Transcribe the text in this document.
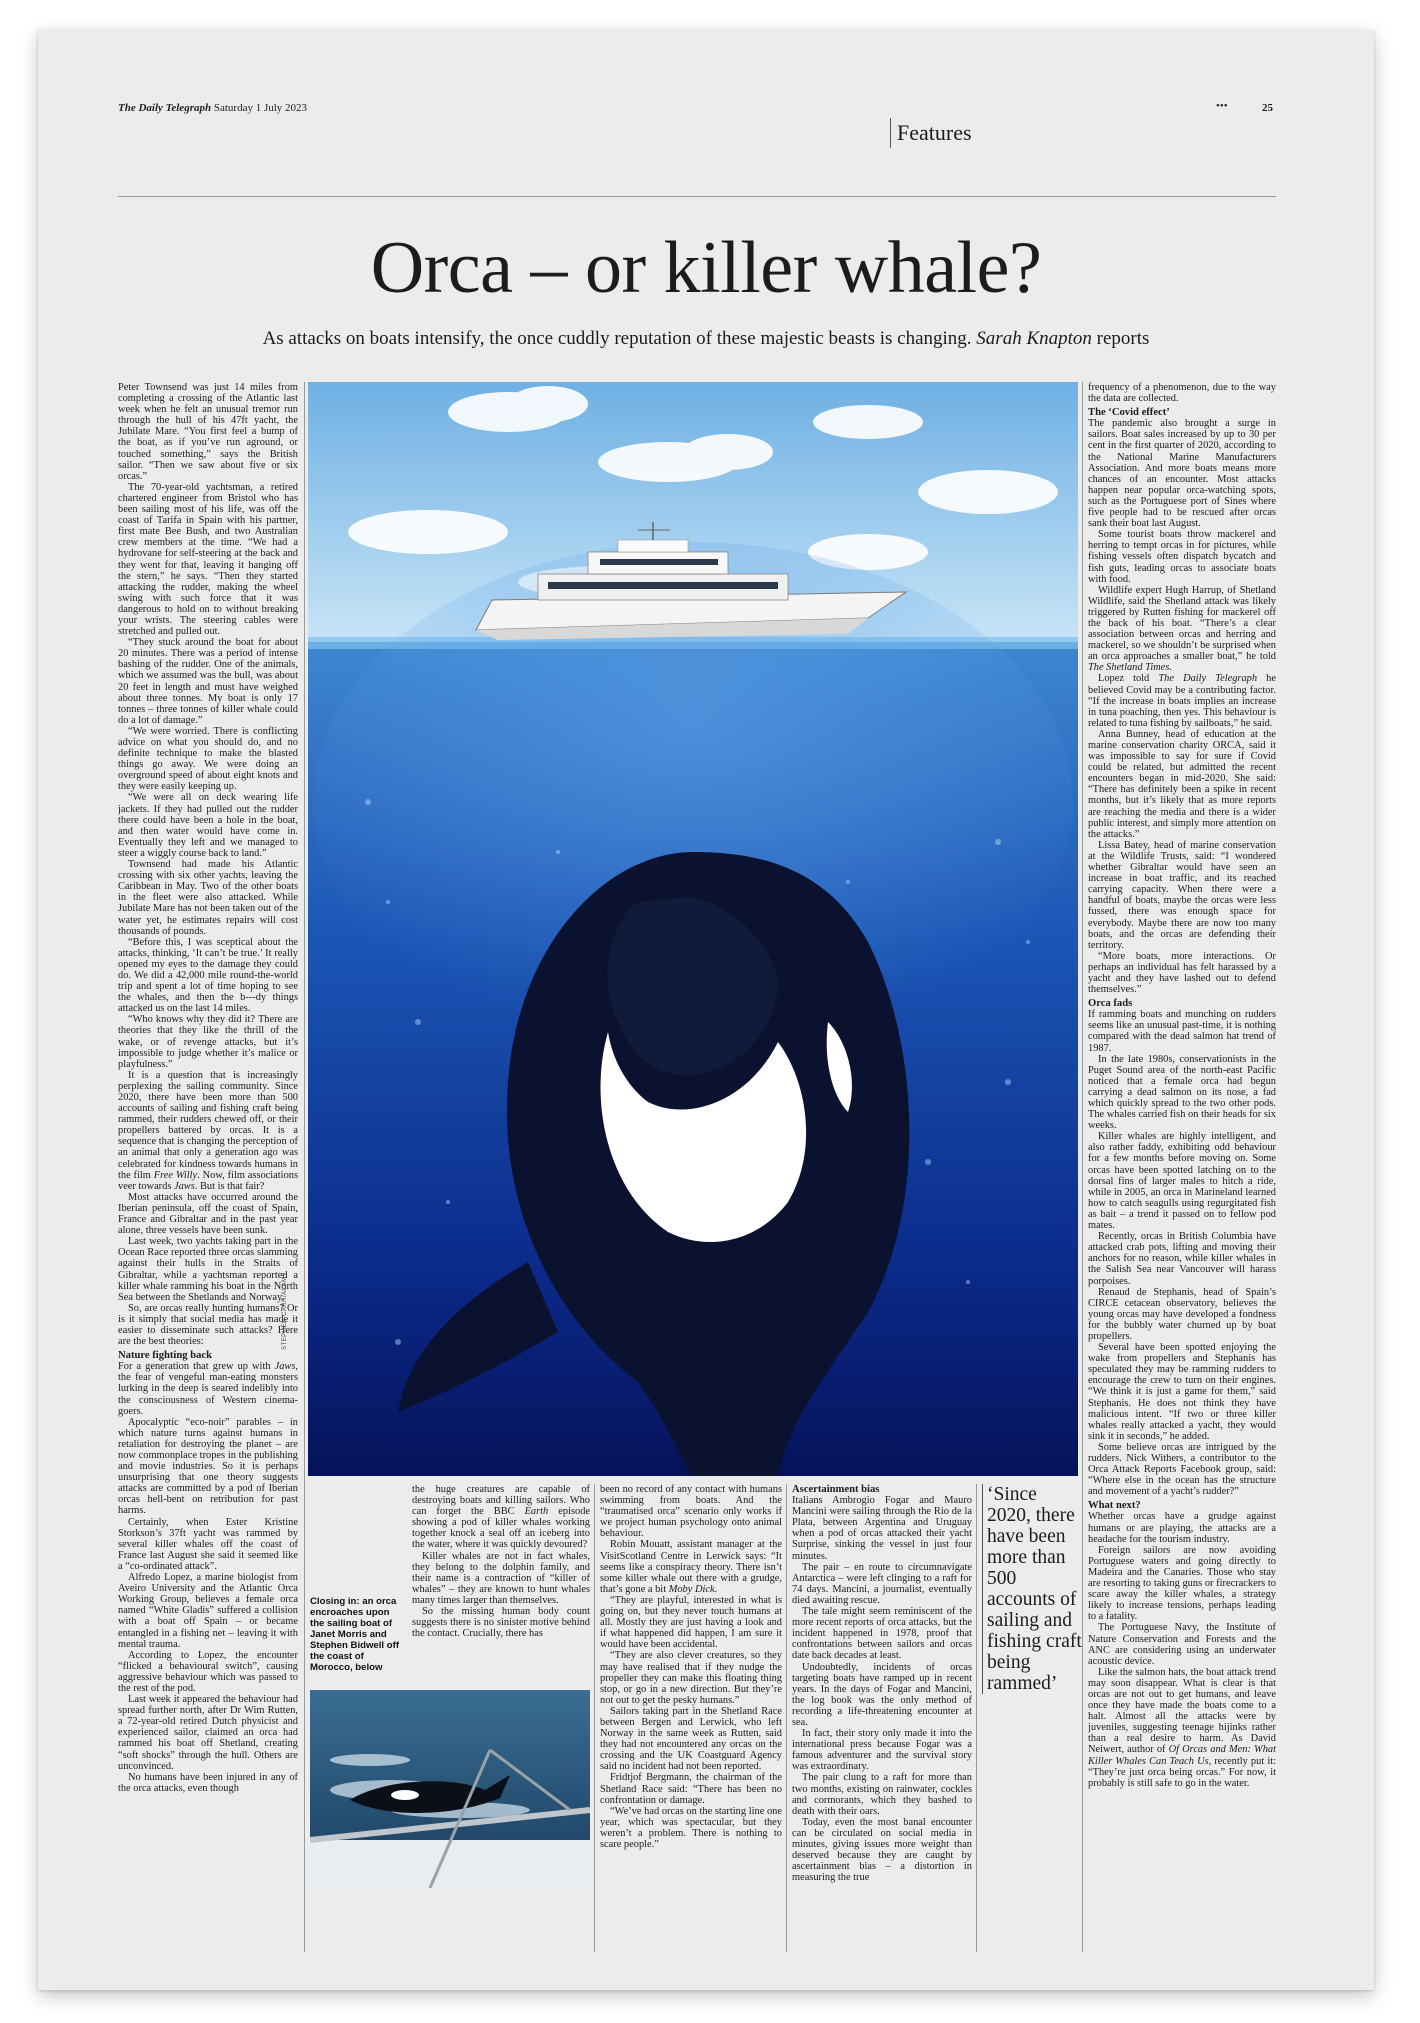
The Daily Telegraph Saturday 1 July 2023	•••	25
Features
Orca – or killer whale?
As attacks on boats intensify, the once cuddly reputation of these majestic beasts is changing. Sarah Knapton reports

Peter Townsend was just 14 miles from completing a crossing of the Atlantic last week when he felt an unusual tremor run through the hull of his 47ft yacht, the Jubilate Mare. “You first feel a bump of the boat, as if you’ve run aground, or touched something,” says the British sailor. “Then we saw about five or six orcas.”

The 70-year-old yachtsman, a retired chartered engineer from Bristol who has been sailing most of his life, was off the coast of Tarifa in Spain with his partner, first mate Bee Bush, and two Australian crew members at the time. “We had a hydrovane for self-steering at the back and they went for that, leaving it hanging off the stern,” he says. “Then they started attacking the rudder, making the wheel swing with such force that it was dangerous to hold on to without breaking your wrists. The steering cables were stretched and pulled out.

“They stuck around the boat for about 20 minutes. There was a period of intense bashing of the rudder. One of the animals, which we assumed was the bull, was about 20 feet in length and must have weighed about three tonnes. My boat is only 17 tonnes – three tonnes of killer whale could do a lot of damage.”

“We were worried. There is conflicting advice on what you should do, and no definite technique to make the blasted things go away. We were doing an overground speed of about eight knots and they were easily keeping up.

“We were all on deck wearing life jackets. If they had pulled out the rudder there could have been a hole in the boat, and then water would have come in. Eventually they left and we managed to steer a wiggly course back to land.”

Townsend had made his Atlantic crossing with six other yachts, leaving the Caribbean in May. Two of the other boats in the fleet were also attacked. While Jubilate Mare has not been taken out of the water yet, he estimates repairs will cost thousands of pounds.

“Before this, I was sceptical about the attacks, thinking, ‘It can’t be true.’ It really opened my eyes to the damage they could do. We did a 42,000 mile round-the-world trip and spent a lot of time hoping to see the whales, and then the b---dy things attacked us on the last 14 miles.

“Who knows why they did it? There are theories that they like the thrill of the wake, or of revenge attacks, but it’s impossible to judge whether it’s malice or playfulness.”

It is a question that is increasingly perplexing the sailing community. Since 2020, there have been more than 500 accounts of sailing and fishing craft being rammed, their rudders chewed off, or their propellers battered by orcas. It is a sequence that is changing the perception of an animal that only a generation ago was celebrated for kindness towards humans in the film Free Willy. Now, film associations veer towards Jaws. But is that fair?

Most attacks have occurred around the Iberian peninsula, off the coast of Spain, France and Gibraltar and in the past year alone, three vessels have been sunk.

Last week, two yachts taking part in the Ocean Race reported three orcas slamming against their hulls in the Straits of Gibraltar, while a yachtsman reported a killer whale ramming his boat in the North Sea between the Shetlands and Norway.

So, are orcas really hunting humans? Or is it simply that social media has made it easier to disseminate such attacks? Here are the best theories:

Nature fighting back

For a generation that grew up with Jaws, the fear of vengeful man-eating monsters lurking in the deep is seared indelibly into the consciousness of Western cinema-goers.

Apocalyptic “eco-noir” parables – in which nature turns against humans in retaliation for destroying the planet – are now commonplace tropes in the publishing and movie industries. So it is perhaps unsurprising that one theory suggests attacks are committed by a pod of Iberian orcas hell-bent on retribution for past harms.

Certainly, when Ester Kristine Storkson’s 37ft yacht was rammed by several killer whales off the coast of France last August she said it seemed like a “co-ordinated attack”.

Alfredo Lopez, a marine biologist from Aveiro University and the Atlantic Orca Working Group, believes a female orca named “White Gladis” suffered a collision with a boat off Spain – or became entangled in a fishing net – leaving it with mental trauma.

According to Lopez, the encounter “flicked a behavioural switch”, causing aggressive behaviour which was passed to the rest of the pod.

Last week it appeared the behaviour had spread further north, after Dr Wim Rutten, a 72-year-old retired Dutch physicist and experienced sailor, claimed an orca had rammed his boat off Shetland, creating “soft shocks” through the hull. Others are unconvinced.

No humans have been injured in any of the orca attacks, even though

STEPHEN CARR/ALAMY
Closing in: an orca encroaches upon the sailing boat of Janet Morris and Stephen Bidwell off the coast of Morocco, below

the huge creatures are capable of destroying boats and killing sailors. Who can forget the BBC Earth episode showing a pod of killer whales working together knock a seal off an iceberg into the water, where it was quickly devoured?

Killer whales are not in fact whales, they belong to the dolphin family, and their name is a contraction of “killer of whales” – they are known to hunt whales many times larger than themselves.

So the missing human body count suggests there is no sinister motive behind the contact. Crucially, there has

been no record of any contact with humans swimming from boats. And the “traumatised orca” scenario only works if we project human psychology onto animal behaviour.

Robin Mouatt, assistant manager at the VisitScotland Centre in Lerwick says: “It seems like a conspiracy theory. There isn’t some killer whale out there with a grudge, that’s gone a bit Moby Dick.

“They are playful, interested in what is going on, but they never touch humans at all. Mostly they are just having a look and if what happened did happen, I am sure it would have been accidental.

“They are also clever creatures, so they may have realised that if they nudge the propeller they can make this floating thing stop, or go in a new direction. But they’re not out to get the pesky humans.”

Sailors taking part in the Shetland Race between Bergen and Lerwick, who left Norway in the same week as Rutten, said they had not encountered any orcas on the crossing and the UK Coastguard Agency said no incident had not been reported.

Fridtjof Bergmann, the chairman of the Shetland Race said: “There has been no confrontation or damage.

“We’ve had orcas on the starting line one year, which was spectacular, but they weren’t a problem. There is nothing to scare people.”

Ascertainment bias

Italians Ambrogio Fogar and Mauro Mancini were sailing through the Rio de la Plata, between Argentina and Uruguay when a pod of orcas attacked their yacht Surprise, sinking the vessel in just four minutes.

The pair – en route to circumnavigate Antarctica – were left clinging to a raft for 74 days. Mancini, a journalist, eventually died awaiting rescue.

The tale might seem reminiscent of the more recent reports of orca attacks, but the incident happened in 1978, proof that confrontations between sailors and orcas date back decades at least.

Undoubtedly, incidents of orcas targeting boats have ramped up in recent years. In the days of Fogar and Mancini, the log book was the only method of recording a life-threatening encounter at sea.

In fact, their story only made it into the international press because Fogar was a famous adventurer and the survival story was extraordinary.

The pair clung to a raft for more than two months, existing on rainwater, cockles and cormorants, which they bashed to death with their oars.

Today, even the most banal encounter can be circulated on social media in minutes, giving issues more weight than deserved because they are caught by ascertainment bias – a distortion in measuring the true

‘Since 2020, there have been more than 500 accounts of sailing and fishing craft being rammed’

frequency of a phenomenon, due to the way the data are collected.

The ‘Covid effect’

The pandemic also brought a surge in sailors. Boat sales increased by up to 30 per cent in the first quarter of 2020, according to the National Marine Manufacturers Association. And more boats means more chances of an encounter. Most attacks happen near popular orca-watching spots, such as the Portuguese port of Sines where five people had to be rescued after orcas sank their boat last August.

Some tourist boats throw mackerel and herring to tempt orcas in for pictures, while fishing vessels often dispatch bycatch and fish guts, leading orcas to associate boats with food.

Wildlife expert Hugh Harrup, of Shetland Wildlife, said the Shetland attack was likely triggered by Rutten fishing for mackerel off the back of his boat. “There’s a clear association between orcas and herring and mackerel, so we shouldn’t be surprised when an orca approaches a smaller boat,” he told The Shetland Times.

Lopez told The Daily Telegraph he believed Covid may be a contributing factor. “If the increase in boats implies an increase in tuna poaching, then yes. This behaviour is related to tuna fishing by sailboats,” he said.

Anna Bunney, head of education at the marine conservation charity ORCA, said it was impossible to say for sure if Covid could be related, but admitted the recent encounters began in mid-2020. She said: “There has definitely been a spike in recent months, but it’s likely that as more reports are reaching the media and there is a wider public interest, and simply more attention on the attacks.”

Lissa Batey, head of marine conservation at the Wildlife Trusts, said: “I wondered whether Gibraltar would have seen an increase in boat traffic, and its reached carrying capacity. When there were a handful of boats, maybe the orcas were less fussed, there was enough space for everybody. Maybe there are now too many boats, and the orcas are defending their territory.

“More boats, more interactions. Or perhaps an individual has felt harassed by a yacht and they have lashed out to defend themselves.”

Orca fads

If ramming boats and munching on rudders seems like an unusual past-time, it is nothing compared with the dead salmon hat trend of 1987.

In the late 1980s, conservationists in the Puget Sound area of the north-east Pacific noticed that a female orca had begun carrying a dead salmon on its nose, a fad which quickly spread to the two other pods. The whales carried fish on their heads for six weeks.

Killer whales are highly intelligent, and also rather faddy, exhibiting odd behaviour for a few months before moving on. Some orcas have been spotted latching on to the dorsal fins of larger males to hitch a ride, while in 2005, an orca in Marineland learned how to catch seagulls using regurgitated fish as bait – a trend it passed on to fellow pod mates.

Recently, orcas in British Columbia have attacked crab pots, lifting and moving their anchors for no reason, while killer whales in the Salish Sea near Vancouver will harass porpoises.

Renaud de Stephanis, head of Spain’s CIRCE cetacean observatory, believes the young orcas may have developed a fondness for the bubbly water churned up by boat propellers.

Several have been spotted enjoying the wake from propellers and Stephanis has speculated they may be ramming rudders to encourage the crew to turn on their engines. “We think it is just a game for them,” said Stephanis. He does not think they have malicious intent. “If two or three killer whales really attacked a yacht, they would sink it in seconds,” he added.

Some believe orcas are intrigued by the rudders. Nick Withers, a contributor to the Orca Attack Reports Facebook group, said: “Where else in the ocean has the structure and movement of a yacht’s rudder?”

What next?

Whether orcas have a grudge against humans or are playing, the attacks are a headache for the tourism industry.

Foreign sailors are now avoiding Portuguese waters and going directly to Madeira and the Canaries. Those who stay are resorting to taking guns or firecrackers to scare away the killer whales, a strategy likely to increase tensions, perhaps leading to a fatality.

The Portuguese Navy, the Institute of Nature Conservation and Forests and the ANC are considering using an underwater acoustic device.

Like the salmon hats, the boat attack trend may soon disappear. What is clear is that orcas are not out to get humans, and leave once they have made the boats come to a halt. Almost all the attacks were by juveniles, suggesting teenage hijinks rather than a real desire to harm. As David Neiwert, author of Of Orcas and Men: What Killer Whales Can Teach Us, recently put it: “They’re just orca being orcas.” For now, it probably is still safe to go in the water.
